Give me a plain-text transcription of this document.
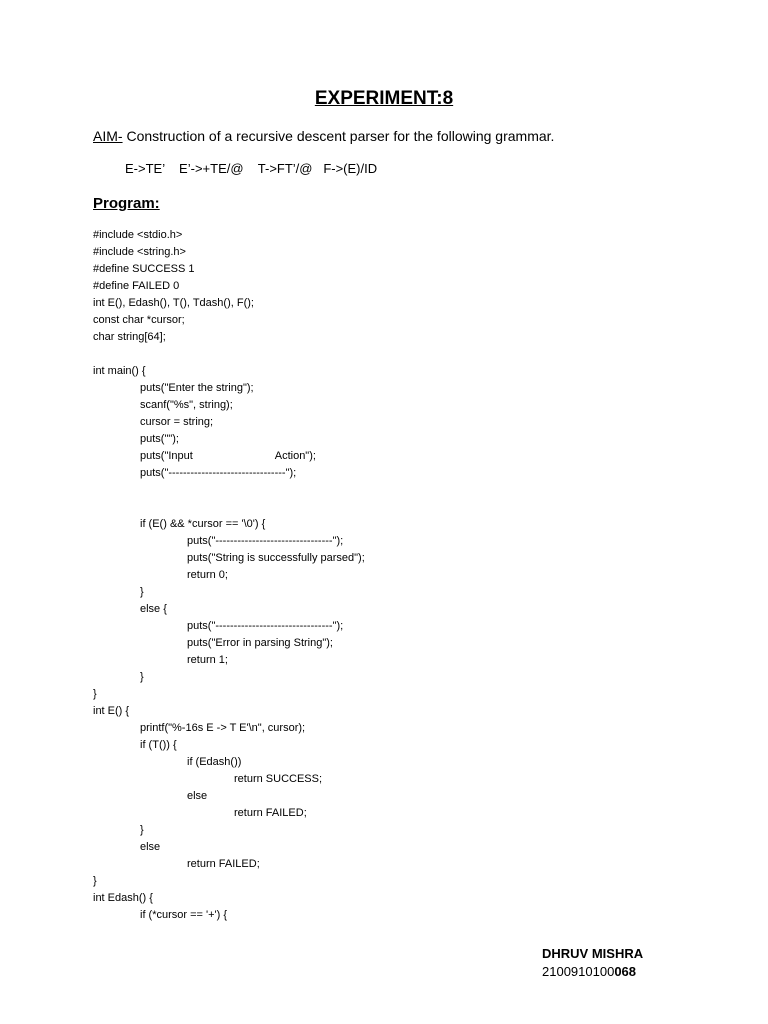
EXPERIMENT:8
AIM- Construction of a recursive descent parser for the following grammar.
E->TE’    E’->+TE/@    T->FT’/@   F->(E)/ID
Program:
#include <stdio.h>
#include <string.h>
#define SUCCESS 1
#define FAILED 0
int E(), Edash(), T(), Tdash(), F();
const char *cursor;
char string[64];
int main() {
puts("Enter the string");
scanf("%s", string);
cursor = string;
puts("");
puts("Input                           Action");
puts("--------------------------------");
if (E() && *cursor == '\0') {
puts("--------------------------------");
puts("String is successfully parsed");
return 0;
}
else {
puts("--------------------------------");
puts("Error in parsing String");
return 1;
}
}
int E() {
printf("%-16s E -> T E'\n", cursor);
if (T()) {
if (Edash())
return SUCCESS;
else
return FAILED;
}
else
return FAILED;
}
int Edash() {
if (*cursor == '+') {
DHRUV MISHRA
2100910100068
